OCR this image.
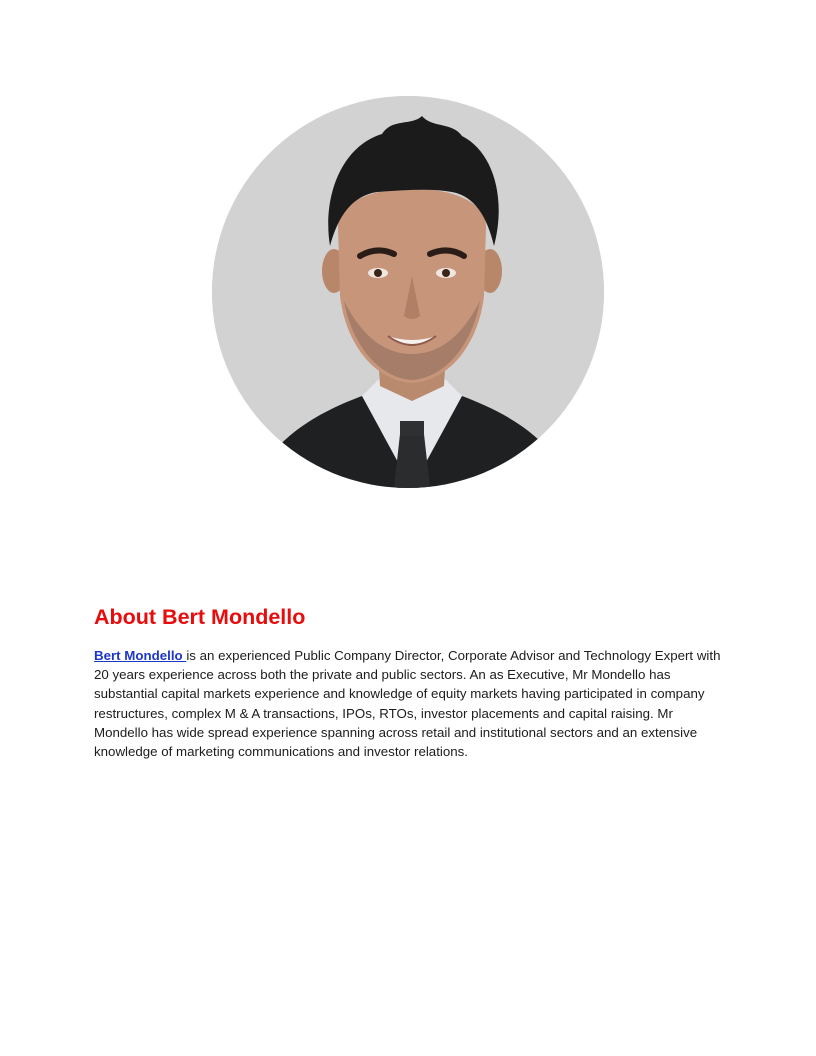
About Bert Mondello

Bert Mondello is an experienced Public Company Director, Corporate Advisor and Technology Expert with 20 years experience across both the private and public sectors. An as Executive, Mr Mondello has substantial capital markets experience and knowledge of equity markets having participated in company restructures, complex M & A transactions, IPOs, RTOs, investor placements and capital raising. Mr Mondello has wide spread experience spanning across retail and institutional sectors and an extensive knowledge of marketing communications and investor relations.
